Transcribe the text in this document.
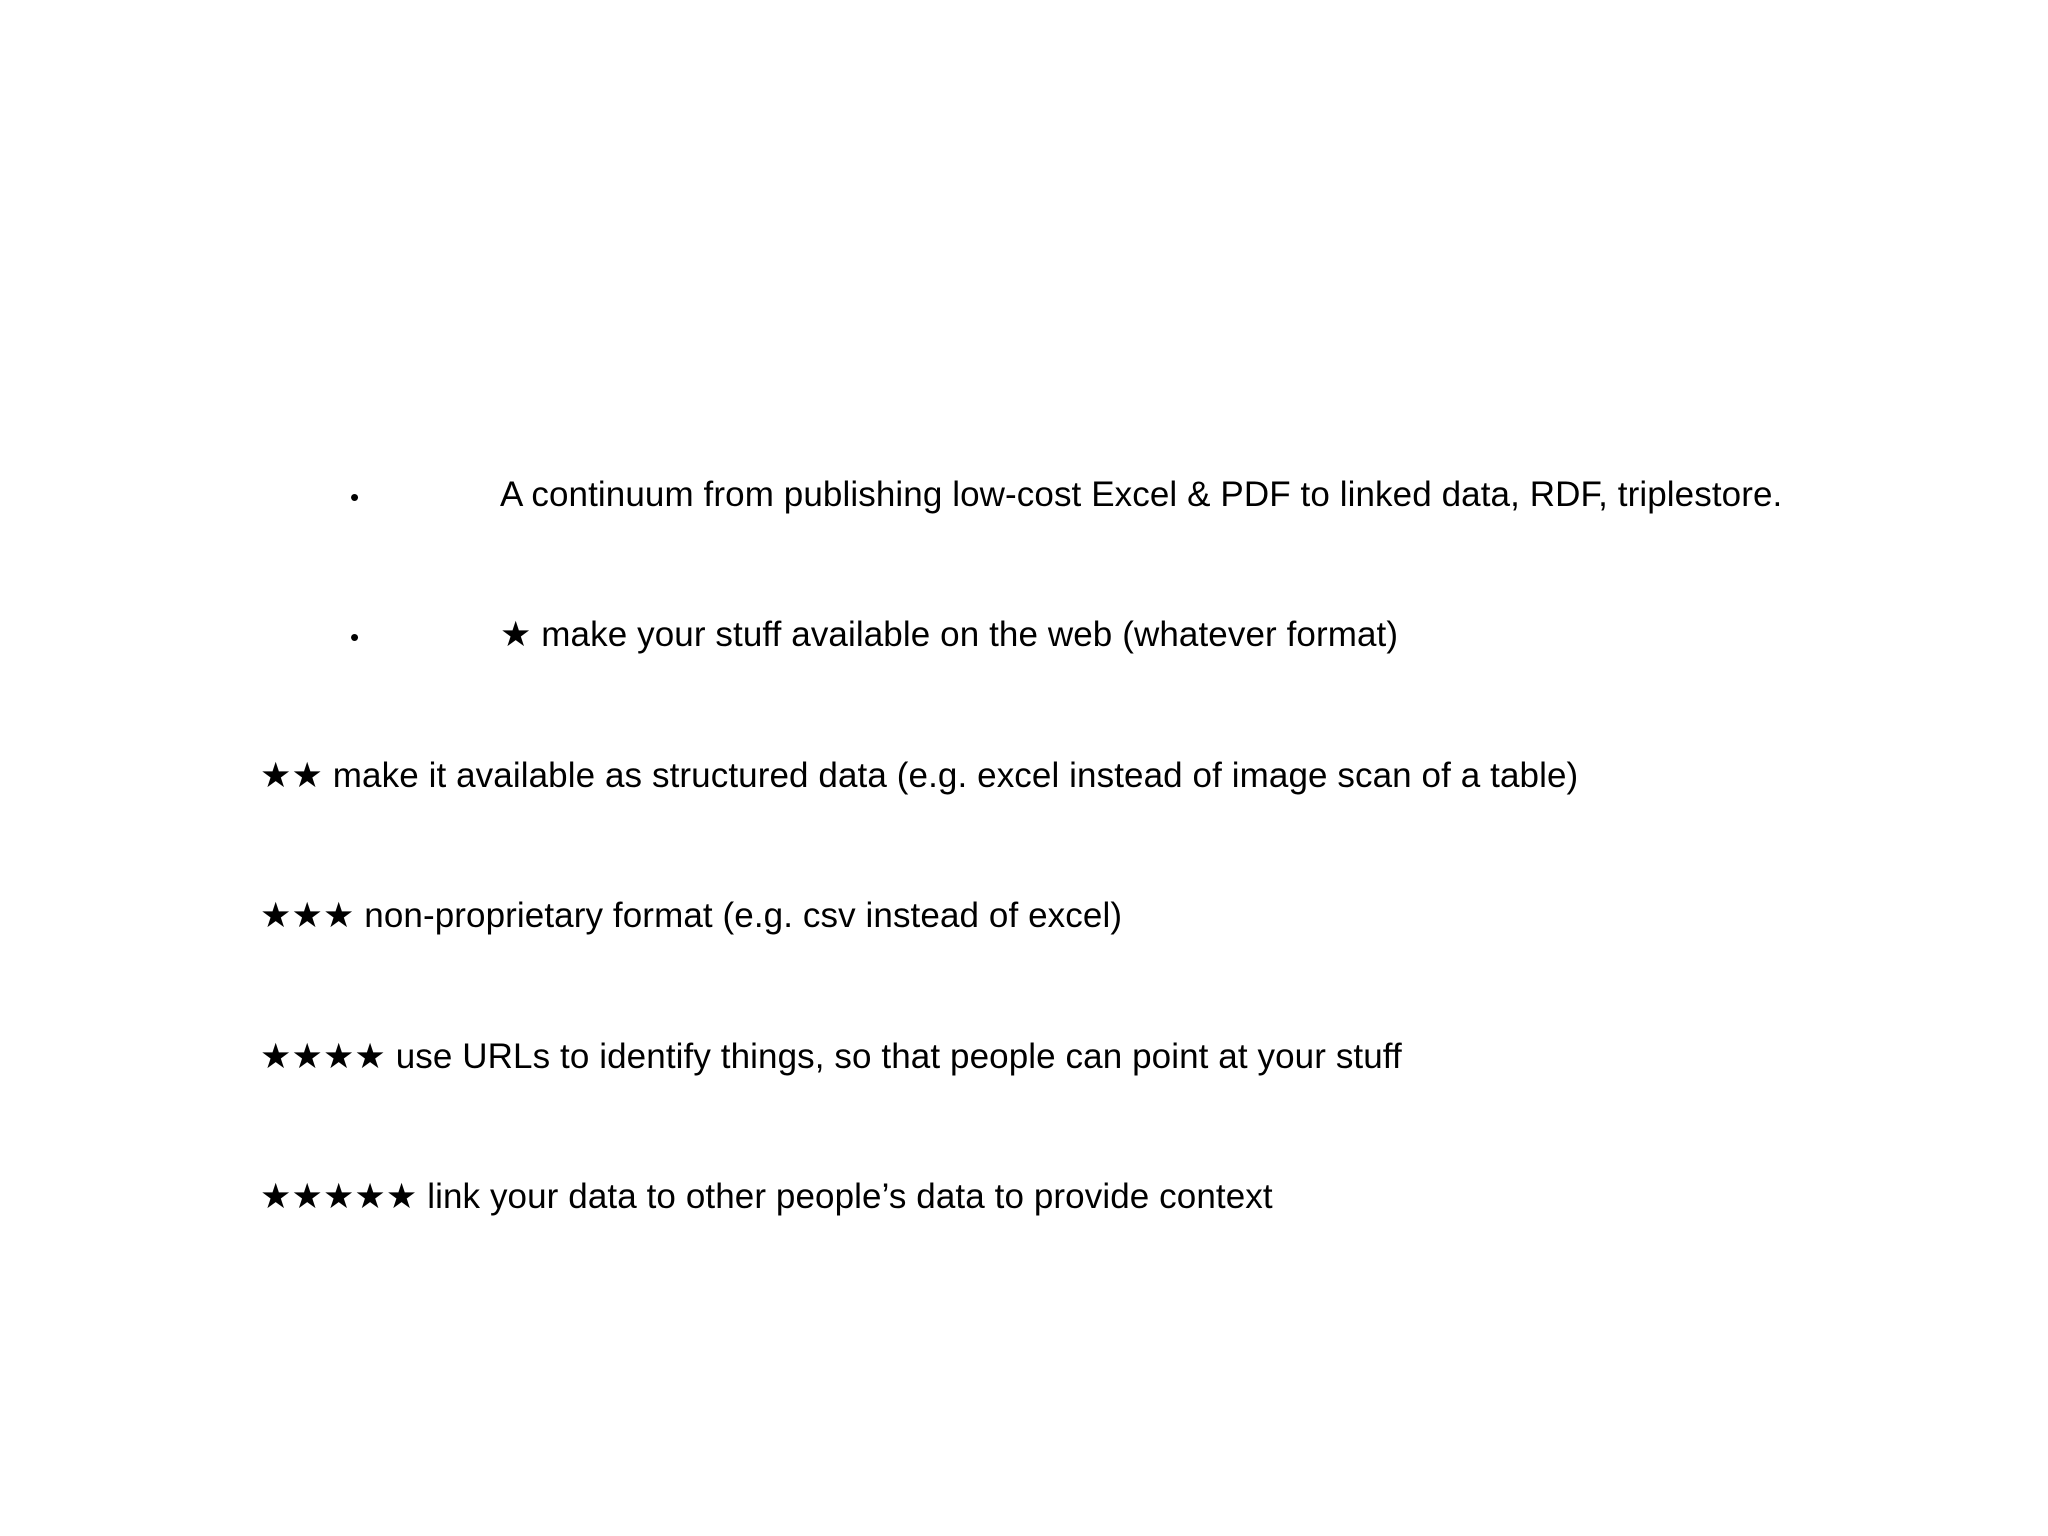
•	A continuum from publishing low-cost Excel & PDF to linked data, RDF, triplestore.
•	★ make your stuff available on the web (whatever format)
★★ make it available as structured data (e.g. excel instead of image scan of a table)
★★★ non-proprietary format (e.g. csv instead of excel)
★★★★ use URLs to identify things, so that people can point at your stuff
★★★★★ link your data to other people’s data to provide context
